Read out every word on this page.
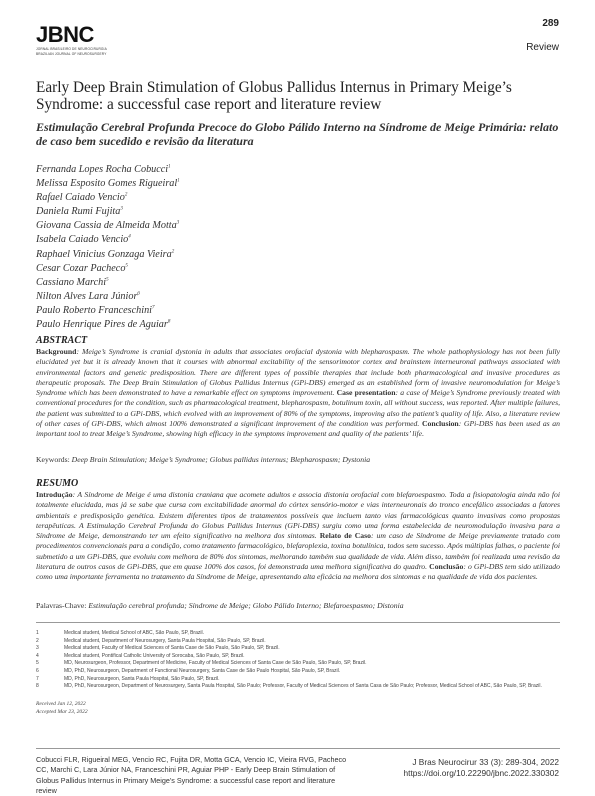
JBNC
JORNAL BRASILEIRO DE NEUROCIRURGIA
BRAZILIAN JOURNAL OF NEUROSURGERY
289
Review
Early Deep Brain Stimulation of Globus Pallidus Internus in Primary Meige’s Syndrome: a successful case report and literature review
Estimulação Cerebral Profunda Precoce do Globo Pálido Interno na Síndrome de Meige Primária: relato de caso bem sucedido e revisão da literatura
Fernanda Lopes Rocha Cobucci$^1$
Melissa Esposito Gomes Rigueiral$^1$
Rafael Caiado Vencio$^2$
Daniela Rumi Fujita$^3$
Giovana Cassia de Almeida Motta$^3$
Isabela Caiado Vencio$^4$
Raphael Vinicius Gonzaga Vieira$^2$
Cesar Cozar Pacheco$^5$
Cassiano Marchi$^5$
Nilton Alves Lara Júnior$^6$
Paulo Roberto Franceschini$^7$
Paulo Henrique Pires de Aguiar$^8$
ABSTRACT
Background: Meige’s Syndrome is cranial dystonia in adults that associates orofacial dystonia with blepharospasm. The whole pathophysiology has not been fully elucidated yet but it is already known that it courses with abnormal excitability of the sensorimotor cortex and brainstem interneuronal pathways associated with environmental factors and genetic predisposition. There are different types of possible therapies that include both pharmacological and invasive procedures as therapeutic proposals. The Deep Brain Stimulation of Globus Pallidus Internus (GPi-DBS) emerged as an established form of invasive neuromodulation for Meige’s Syndrome which has been demonstrated to have a remarkable effect on symptoms improvement. Case presentation: a case of Meige’s Syndrome previously treated with conventional procedures for the condition, such as pharmacological treatment, blepharospasm, botulinum toxin, all without success, was reported. After multiple failures, the patient was submitted to a GPi-DBS, which evolved with an improvement of 80% of the symptoms, improving also the patient’s quality of life. Also, a literature review of other cases of GPi-DBS, which almost 100% demonstrated a significant improvement of the condition was performed. Conclusion: GPi-DBS has been used as an important tool to treat Meige’s Syndrome, showing high efficacy in the symptoms improvement and quality of the patients’ life.
Keywords: Deep Brain Stimulation; Meige’s Syndrome; Globus pallidus internus; Blepharospasm; Dystonia
RESUMO
Introdução: A Síndrome de Meige é uma distonia craniana que acomete adultos e associa distonia orofacial com blefaroespasmo. Toda a fisiopatologia ainda não foi totalmente elucidada, mas já se sabe que cursa com excitabilidade anormal do córtex sensório-motor e vias interneuronais do tronco encefálico associadas a fatores ambientais e predisposição genética. Existem diferentes tipos de tratamentos possíveis que incluem tanto vias farmacológicas quanto invasivas como propostas terapêuticas. A Estimulação Cerebral Profunda do Globus Pallidus Internus (GPi-DBS) surgiu como uma forma estabelecida de neuromodulação invasiva para a Síndrome de Meige, demonstrando ter um efeito significativo na melhora dos sintomas. Relato de Caso: um caso de Síndrome de Meige previamente tratado com procedimentos convencionais para a condição, como tratamento farmacológico, blefaroplexia, toxina botulínica, todos sem sucesso. Após múltiplas falhas, o paciente foi submetido a um GPi-DBS, que evoluiu com melhora de 80% dos sintomas, melhorando também sua qualidade de vida. Além disso, também foi realizada uma revisão da literatura de outros casos de GPi-DBS, que em quase 100% dos casos, foi demonstrada uma melhora significativa do quadro. Conclusão: o GPi-DBS tem sido utilizado como uma importante ferramenta no tratamento da Síndrome de Meige, apresentando alta eficácia na melhora dos sintomas e na qualidade de vida dos pacientes.
Palavras-Chave: Estimulação cerebral profunda; Síndrome de Meige; Globo Pálido Interno; Blefaroespasmo; Distonia
1	Medical student, Medical School of ABC, São Paulo, SP, Brazil.
2	Medical student, Department of Neurosurgery, Santa Paula Hospital, São Paulo, SP, Brazil.
3	Medical student, Faculty of Medical Sciences of Santa Case de São Paulo, São Paulo, SP, Brazil.
4	Medical student, Pontifical Catholic University of Sorocaba, São Paulo, SP, Brazil.
5	MD, Neurosurgeon, Professor, Department of Medicine, Faculty of Medical Sciences of Santa Case de São Paulo, São Paulo, SP, Brazil.
6	MD, PhD, Neurosurgeon, Department of Functional Neurosurgery, Santa Case de São Paulo Hospital, São Paulo, SP, Brazil.
7	MD, PhD, Neurosurgeon, Santa Paula Hospital, São Paulo, SP, Brazil.
8	MD, PhD, Neurosurgeon, Department of Neurosurgery, Santa Paula Hospital, São Paulo; Professor, Faculty of Medical Sciences of Santa Casa de São Paulo; Professor, Medical School of ABC, São Paulo, SP, Brazil.
Received Jan 12, 2022
Accepted Mar 23, 2022
Cobucci FLR, Rigueiral MEG, Vencio RC, Fujita DR, Motta GCA, Vencio IC, Vieira RVG, Pacheco CC, Marchi C, Lara Júnior NA, Franceschini PR, Aguiar PHP - Early Deep Brain Stimulation of Globus Pallidus Internus in Primary Meige’s Syndrome: a successful case report and literature review
J Bras Neurocirur 33 (3): 289-304, 2022
https://doi.org/10.22290/jbnc.2022.330302
